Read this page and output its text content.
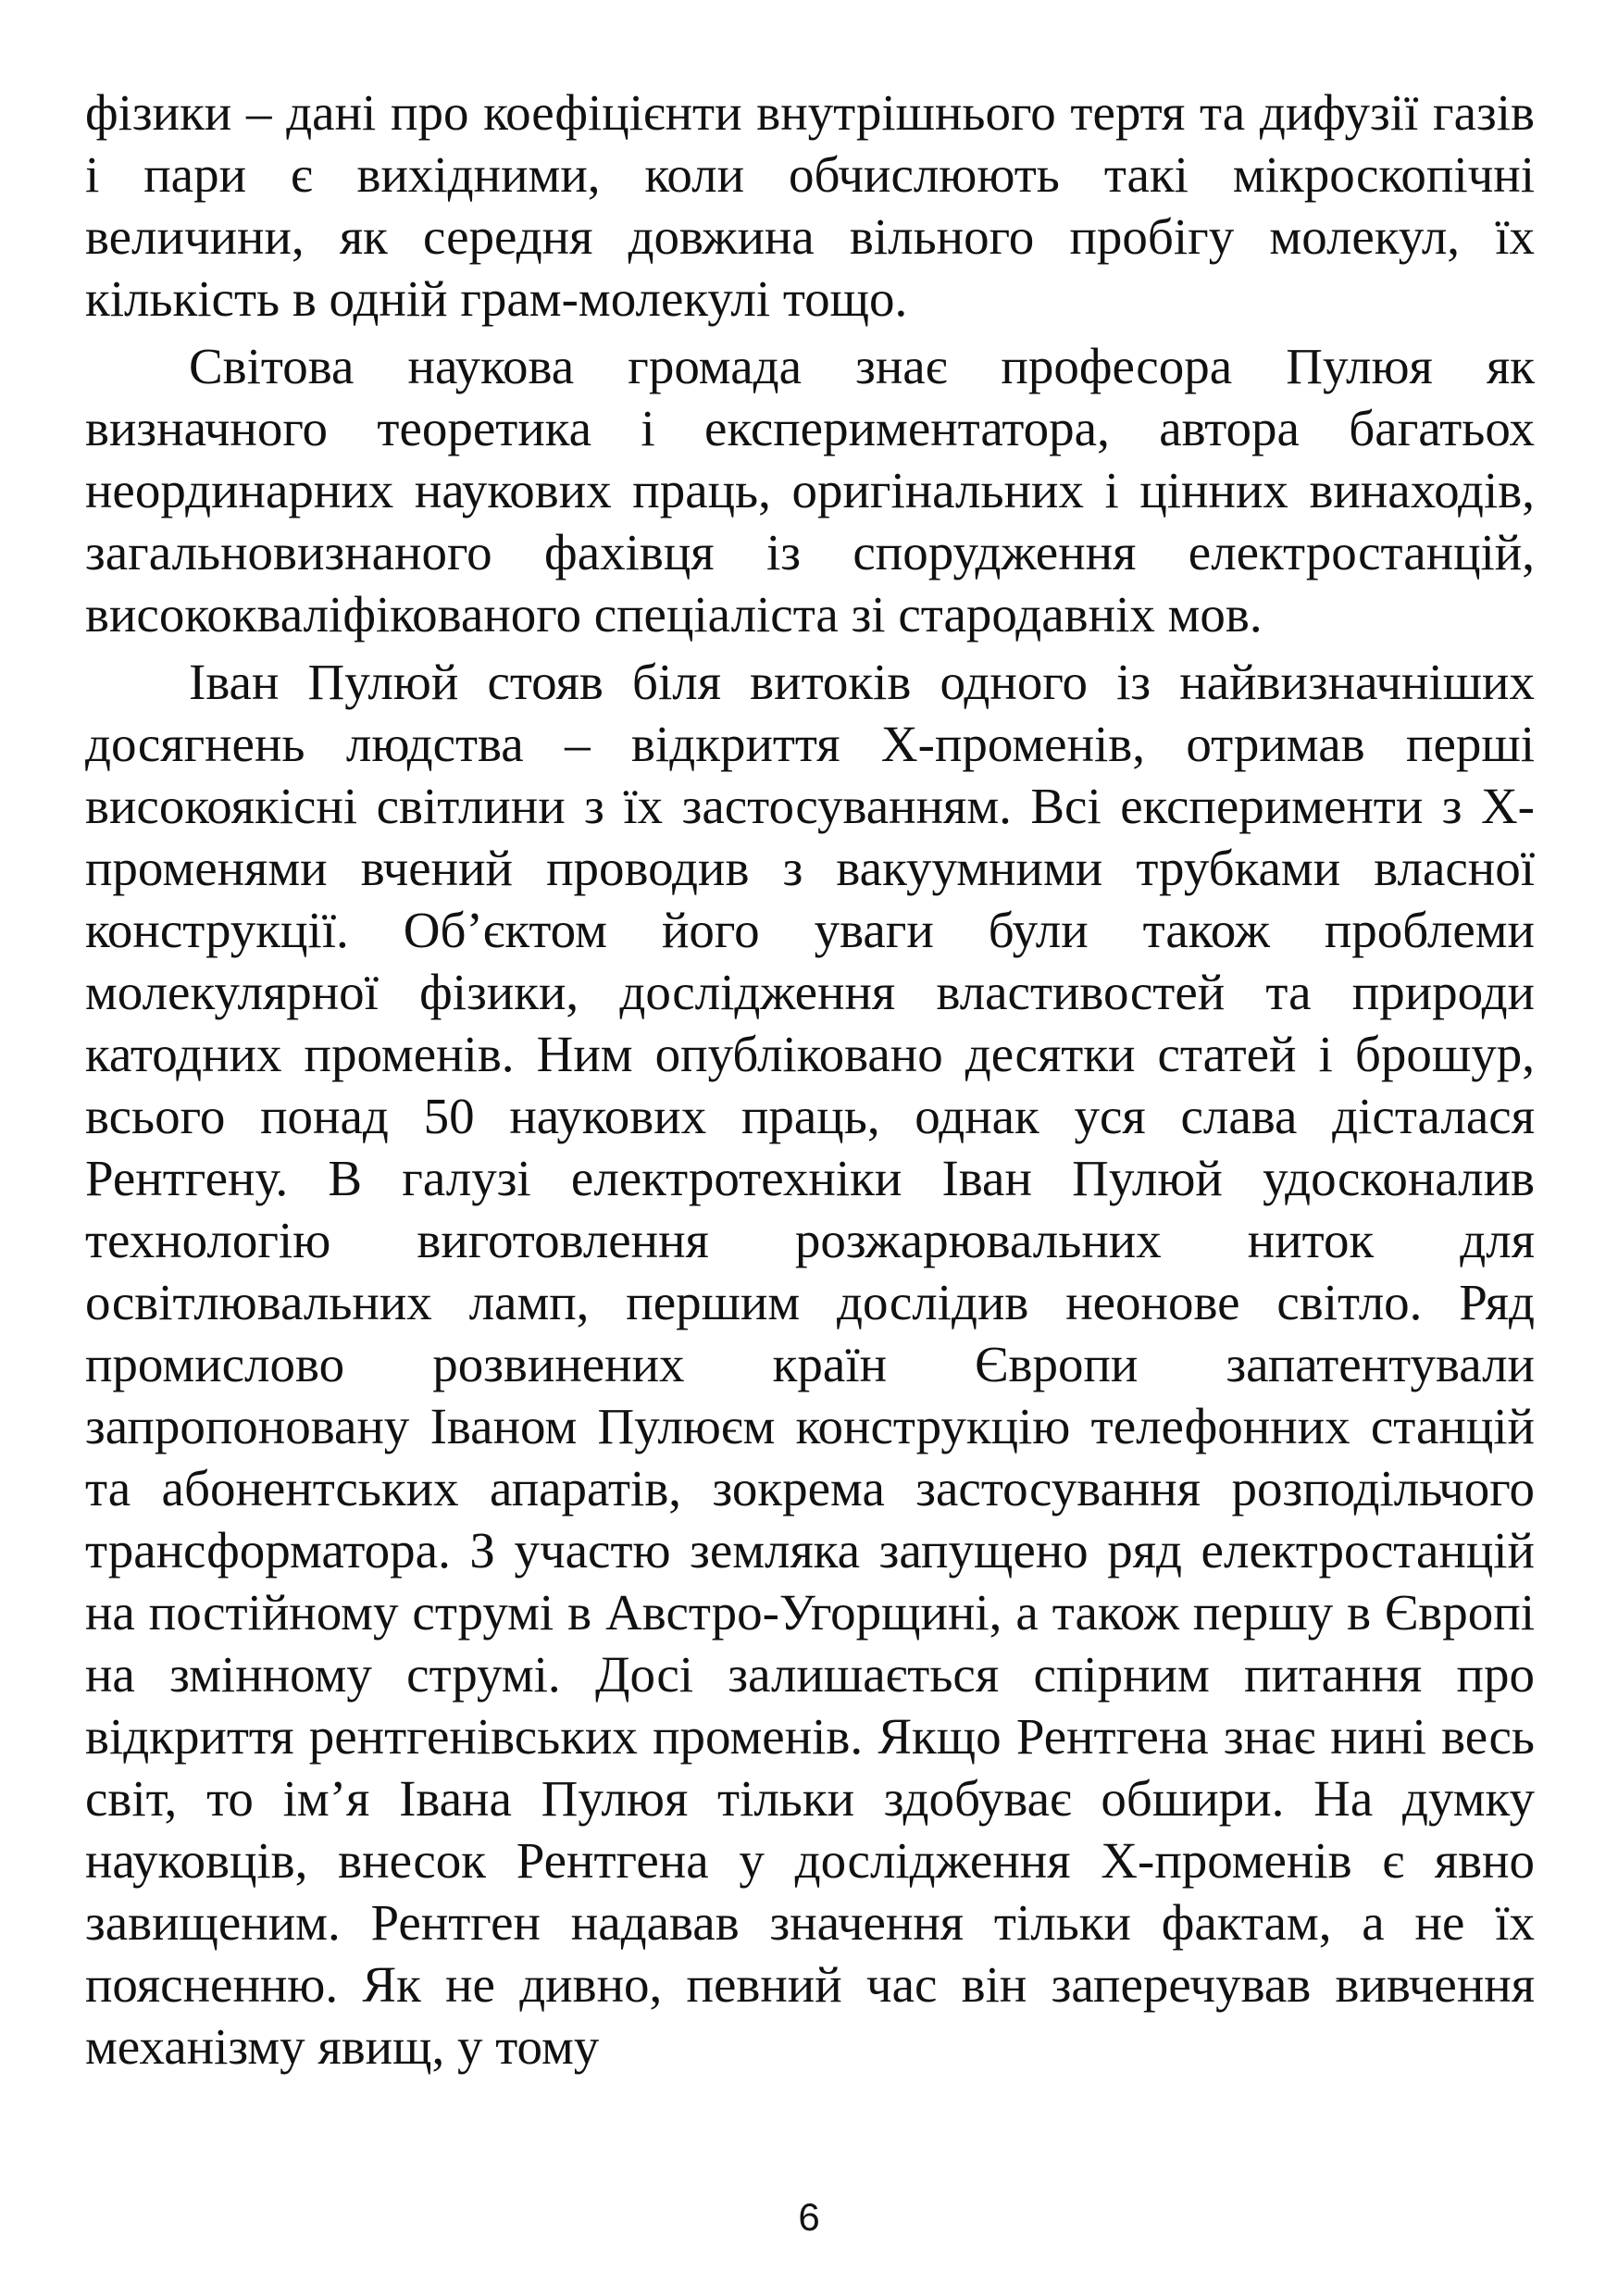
фізики – дані про коефіцієнти внутрішнього тертя та дифузії газів і пари є вихідними, коли обчислюють такі мікроскопічні величини, як середня довжина вільного пробігу молекул, їх кількість в одній грам-молекулі тощо.

Світова наукова громада знає професора Пулюя як визначного теоретика і експериментатора, автора багатьох неординарних наукових праць, оригінальних і цінних винаходів, загальновизнаного фахівця із спорудження електростанцій, висококваліфікованого спеціаліста зі стародавніх мов.

Іван Пулюй стояв біля витоків одного із найвизначніших досягнень людства – відкриття Х-променів, отримав перші високоякісні світлини з їх застосуванням. Всі експерименти з Х-променями вчений проводив з вакуумними трубками власної конструкції. Об’єктом його уваги були також проблеми молекулярної фізики, дослідження властивостей та природи катодних променів. Ним опубліковано десятки статей і брошур, всього понад 50 наукових праць, однак уся слава дісталася Рентгену. В галузі електротехніки Іван Пулюй удосконалив технологію виготовлення розжарювальних ниток для освітлювальних ламп, першим дослідив неонове світло. Ряд промислово розвинених країн Європи запатентували запропоновану Іваном Пулюєм конструкцію телефонних станцій та абонентських апаратів, зокрема застосування розподільчого трансформатора. З участю земляка запущено ряд електростанцій на постійному струмі в Австро-Угорщині, а також першу в Європі на змінному струмі. Досі залишається спірним питання про відкриття рентгенівських променів. Якщо Рентгена знає нині весь світ, то ім’я Івана Пулюя тільки здобуває обшири. На думку науковців, внесок Рентгена у дослідження Х-променів є явно завищеним. Рентген надавав значення тільки фактам, а не їх поясненню. Як не дивно, певний час він заперечував вивчення механізму явищ, у тому

6
